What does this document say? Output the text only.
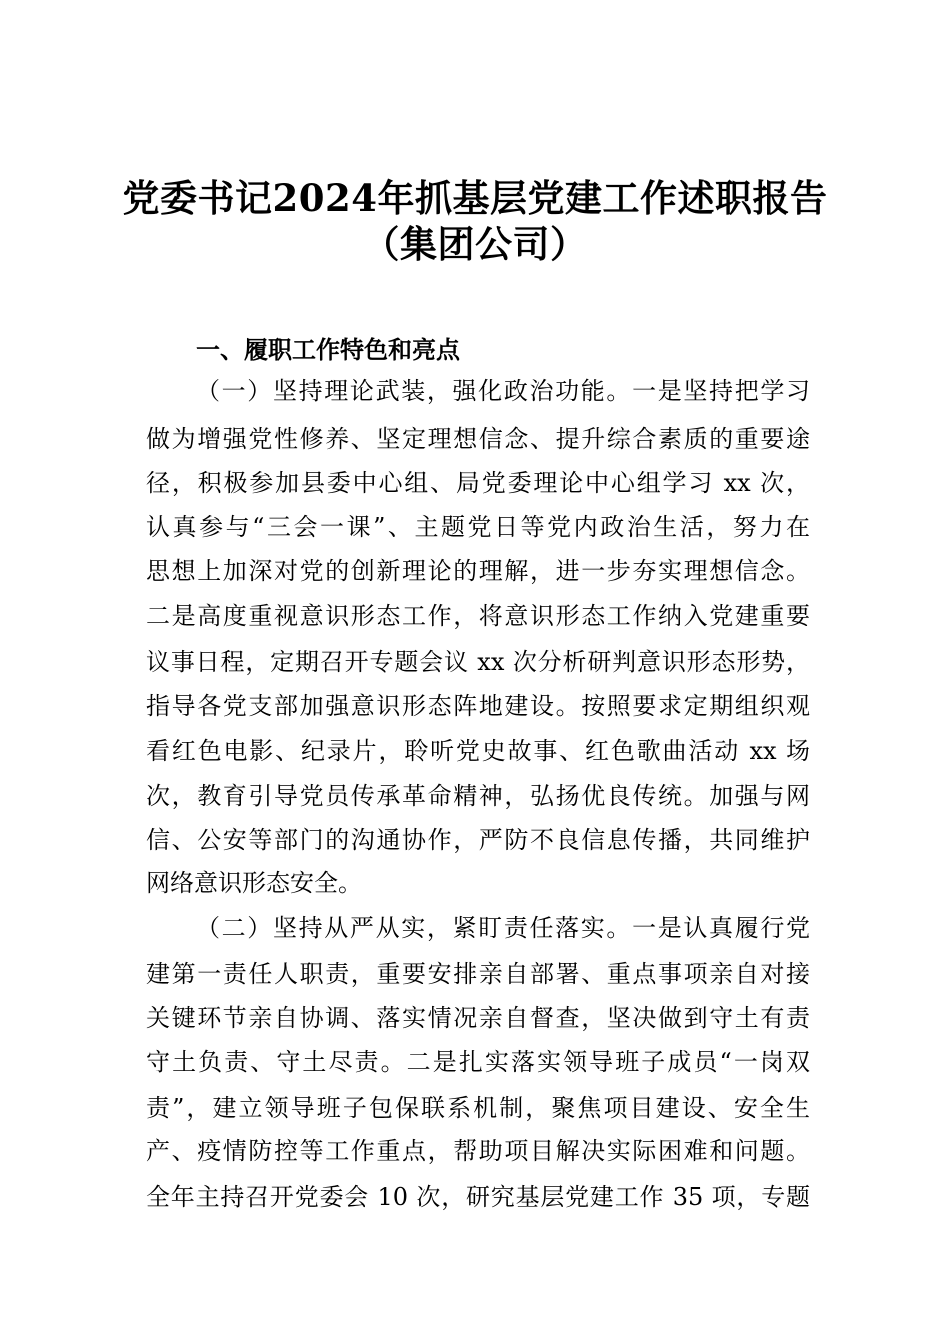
党委书记2024年抓基层党建工作述职报告
（集团公司）
一、履职工作特色和亮点
（一）坚持理论武装，强化政治功能。一是坚持把学习
做为增强党性修养、坚定理想信念、提升综合素质的重要途
径，积极参加县委中心组、局党委理论中心组学习 xx 次，
认真参与“三会一课”、主题党日等党内政治生活，努力在
思想上加深对党的创新理论的理解，进一步夯实理想信念。
二是高度重视意识形态工作，将意识形态工作纳入党建重要
议事日程，定期召开专题会议 xx 次分析研判意识形态形势，
指导各党支部加强意识形态阵地建设。按照要求定期组织观
看红色电影、纪录片，聆听党史故事、红色歌曲活动 xx 场
次，教育引导党员传承革命精神，弘扬优良传统。加强与网
信、公安等部门的沟通协作，严防不良信息传播，共同维护
网络意识形态安全。
（二）坚持从严从实，紧盯责任落实。一是认真履行党
建第一责任人职责，重要安排亲自部署、重点事项亲自对接
关键环节亲自协调、落实情况亲自督查，坚决做到守土有责
守土负责、守土尽责。二是扎实落实领导班子成员“一岗双
责”，建立领导班子包保联系机制，聚焦项目建设、安全生
产、疫情防控等工作重点，帮助项目解决实际困难和问题。
全年主持召开党委会 10 次，研究基层党建工作 35 项，专题
